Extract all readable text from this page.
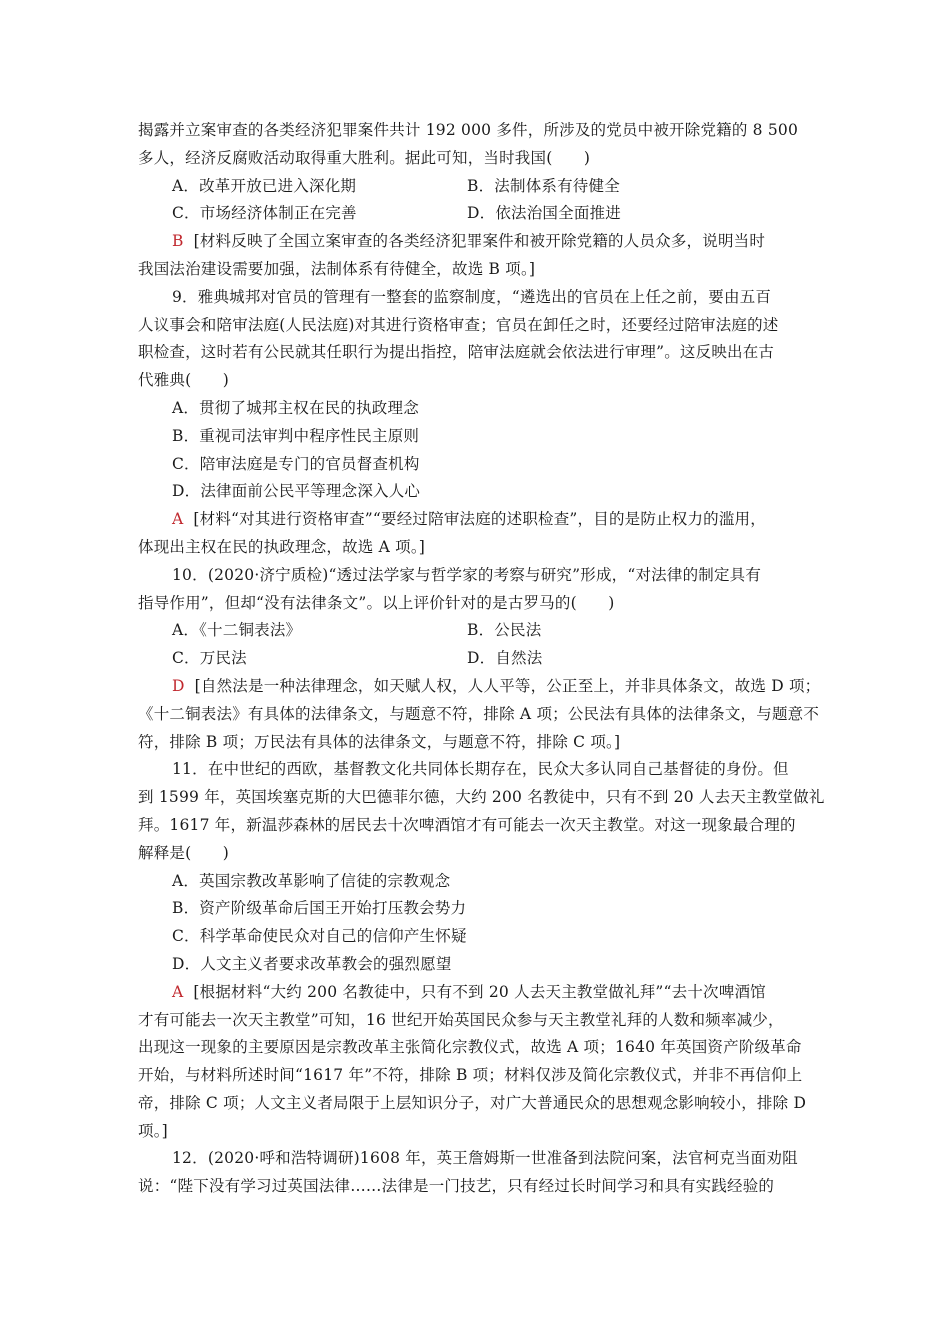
揭露并立案审查的各类经济犯罪案件共计 192 000 多件，所涉及的党员中被开除党籍的 8 500
多人，经济反腐败活动取得重大胜利。据此可知，当时我国(　　)
A．改革开放已进入深化期	B．法制体系有待健全
C．市场经济体制正在完善	D．依法治国全面推进
B [材料反映了全国立案审查的各类经济犯罪案件和被开除党籍的人员众多，说明当时
我国法治建设需要加强，法制体系有待健全，故选 B 项。]
9．雅典城邦对官员的管理有一整套的监察制度，“遴选出的官员在上任之前，要由五百
人议事会和陪审法庭(人民法庭)对其进行资格审查；官员在卸任之时，还要经过陪审法庭的述
职检查，这时若有公民就其任职行为提出指控，陪审法庭就会依法进行审理”。这反映出在古
代雅典(　　)
A．贯彻了城邦主权在民的执政理念
B．重视司法审判中程序性民主原则
C．陪审法庭是专门的官员督查机构
D．法律面前公民平等理念深入人心
A [材料“对其进行资格审查”“要经过陪审法庭的述职检查”，目的是防止权力的滥用，
体现出主权在民的执政理念，故选 A 项。]
10．(2020·济宁质检)“透过法学家与哲学家的考察与研究”形成，“对法律的制定具有
指导作用”，但却“没有法律条文”。以上评价针对的是古罗马的(　　)
A．《十二铜表法》	B．公民法
C．万民法	D．自然法
D [自然法是一种法律理念，如天赋人权，人人平等，公正至上，并非具体条文，故选 D 项；
《十二铜表法》有具体的法律条文，与题意不符，排除 A 项；公民法有具体的法律条文，与题意不
符，排除 B 项；万民法有具体的法律条文，与题意不符，排除 C 项。]
11．在中世纪的西欧，基督教文化共同体长期存在，民众大多认同自己基督徒的身份。但
到 1599 年，英国埃塞克斯的大巴德菲尔德，大约 200 名教徒中，只有不到 20 人去天主教堂做礼
拜。1617 年，新温莎森林的居民去十次啤酒馆才有可能去一次天主教堂。对这一现象最合理的
解释是(　　)
A．英国宗教改革影响了信徒的宗教观念
B．资产阶级革命后国王开始打压教会势力
C．科学革命使民众对自己的信仰产生怀疑
D．人文主义者要求改革教会的强烈愿望
A [根据材料“大约 200 名教徒中，只有不到 20 人去天主教堂做礼拜”“去十次啤酒馆
才有可能去一次天主教堂”可知，16 世纪开始英国民众参与天主教堂礼拜的人数和频率减少，
出现这一现象的主要原因是宗教改革主张简化宗教仪式，故选 A 项；1640 年英国资产阶级革命
开始，与材料所述时间“1617 年”不符，排除 B 项；材料仅涉及简化宗教仪式，并非不再信仰上
帝，排除 C 项；人文主义者局限于上层知识分子，对广大普通民众的思想观念影响较小，排除 D
项。]
12．(2020·呼和浩特调研)1608 年，英王詹姆斯一世准备到法院问案，法官柯克当面劝阻
说：“陛下没有学习过英国法律……法律是一门技艺，只有经过长时间学习和具有实践经验的
